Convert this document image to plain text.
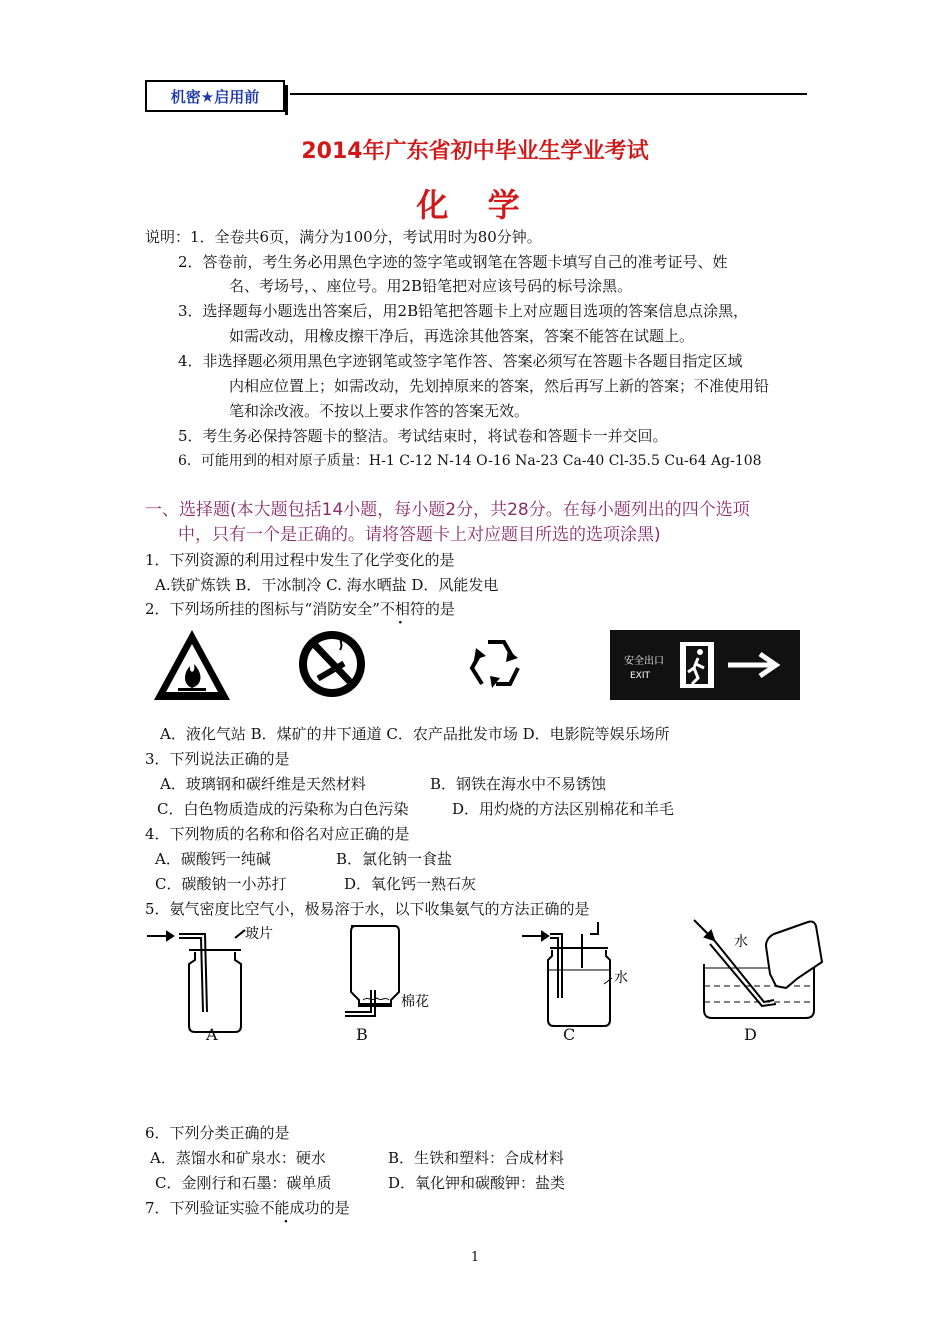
机密★启用前
2014年广东省初中毕业生学业考试
化 学
说明：1．全卷共6页，满分为100分，考试用时为80分钟。
2．答卷前，考生务必用黑色字迹的签字笔或钢笔在答题卡填写自己的准考证号、姓
名、考场号，、座位号。用2B铅笔把对应该号码的标号涂黑。
3．选择题每小题选出答案后，用2B铅笔把答题卡上对应题目选项的答案信息点涂黑，
如需改动，用橡皮擦干净后，再选涂其他答案，答案不能答在试题上。
4．非选择题必须用黑色字迹钢笔或签字笔作答、答案必须写在答题卡各题目指定区域
内相应位置上；如需改动，先划掉原来的答案，然后再写上新的答案；不准使用铅
笔和涂改液。不按以上要求作答的答案无效。
5．考生务必保持答题卡的整洁。考试结束时，将试卷和答题卡一并交回。
6．可能用到的相对原子质量：H-1 C-12 N-14 O-16 Na-23 Ca-40 Cl-35.5 Cu-64 Ag-108
一、选择题(本大题包括14小题，每小题2分，共28分。在每小题列出的四个选项
中，只有一个是正确的。请将答题卡上对应题目所选的选项涂黑)
1．下列资源的利用过程中发生了化学变化的是
A.铁矿炼铁 B．干冰制冷 C. 海水晒盐 D．风能发电
2．下列场所挂的图标与“消防安全”不相符的是
安全出口
EXIT
A．液化气站 B．煤矿的井下通道 C．农产品批发市场 D．电影院等娱乐场所
3．下列说法正确的是
A．玻璃钢和碳纤维是天然材料	B．钢铁在海水中不易锈蚀
C．白色物质造成的污染称为白色污染	D．用灼烧的方法区别棉花和羊毛
4．下列物质的名称和俗名对应正确的是
A．碳酸钙一纯碱	B．氯化钠一食盐
C．碳酸钠一小苏打	D．氧化钙一熟石灰
5．氨气密度比空气小，极易溶于水，以下收集氨气的方法正确的是
玻片
A
棉花
B
水
C
水
D
6．下列分类正确的是
A．蒸馏水和矿泉水：硬水	B．生铁和塑料：合成材料
C．金刚行和石墨：碳单质	D．氧化钾和碳酸钾：盐类
7．下列验证实验不能成功的是
1
